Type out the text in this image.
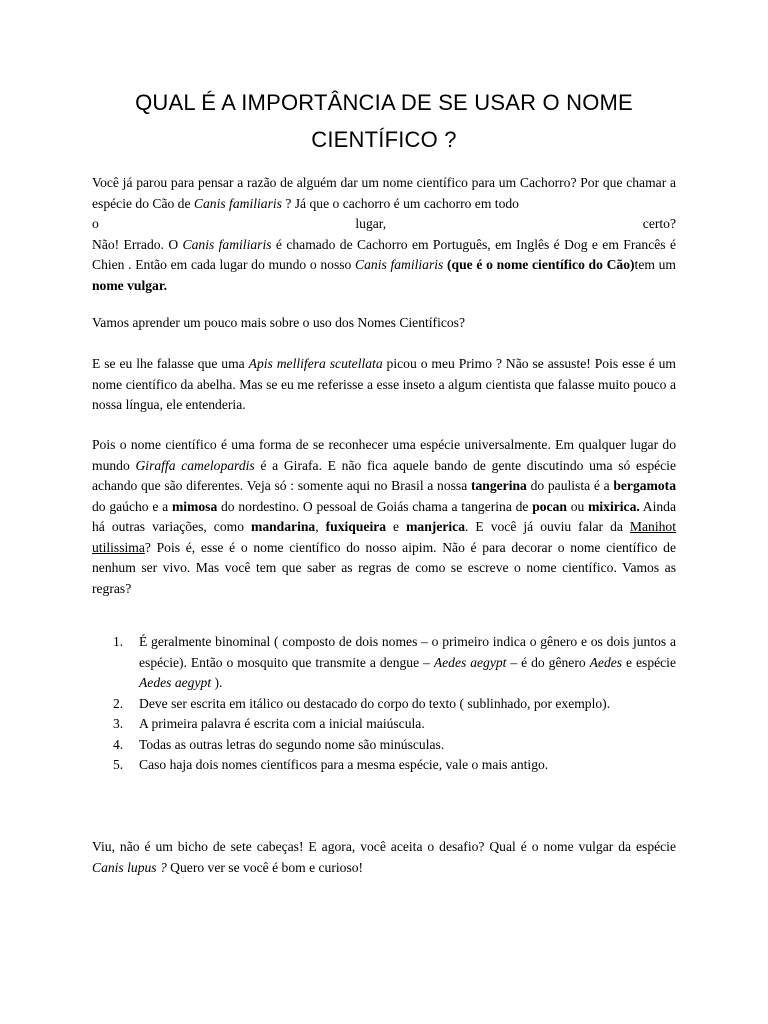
QUAL É A IMPORTÂNCIA DE SE USAR O NOME
CIENTÍFICO ?

Você já parou para pensar a razão de alguém dar um nome científico para um Cachorro? Por que chamar a espécie do Cão de Canis familiaris ? Já que o cachorro é um cachorro em todo
o lugar, certo?
Não! Errado. O Canis familiaris é chamado de Cachorro em Português, em Inglês é Dog e em Francês é Chien . Então em cada lugar do mundo o nosso Canis familiaris (que é o nome científico do Cão)tem um nome vulgar.

Vamos aprender um pouco mais sobre o uso dos Nomes Científicos?

E se eu lhe falasse que uma Apis mellifera scutellata picou o meu Primo ? Não se assuste! Pois esse é um nome científico da abelha. Mas se eu me referisse a esse inseto a algum cientista que falasse muito pouco a nossa língua, ele entenderia.

Pois o nome científico é uma forma de se reconhecer uma espécie universalmente. Em qualquer lugar do mundo Giraffa camelopardis é a Girafa. E não fica aquele bando de gente discutindo uma só espécie achando que são diferentes. Veja só : somente aqui no Brasil a nossa tangerina do paulista é a bergamota do gaúcho e a mimosa do nordestino. O pessoal de Goiás chama a tangerina de pocan ou mixirica. Ainda há outras variações, como mandarina, fuxiqueira e manjerica. E você já ouviu falar da Manihot utilissima? Pois é, esse é o nome científico do nosso aipim. Não é para decorar o nome científico de nenhum ser vivo. Mas você tem que saber as regras de como se escreve o nome científico. Vamos as regras?

1. É geralmente binominal ( composto de dois nomes – o primeiro indica o gênero e os dois juntos a espécie). Então o mosquito que transmite a dengue – Aedes aegypt – é do gênero Aedes e espécie Aedes aegypt ).
2. Deve ser escrita em itálico ou destacado do corpo do texto ( sublinhado, por exemplo).
3. A primeira palavra é escrita com a inicial maiúscula.
4. Todas as outras letras do segundo nome são minúsculas.
5. Caso haja dois nomes científicos para a mesma espécie, vale o mais antigo.

Viu, não é um bicho de sete cabeças! E agora, você aceita o desafio? Qual é o nome vulgar da espécie Canis lupus ? Quero ver se você é bom e curioso!
